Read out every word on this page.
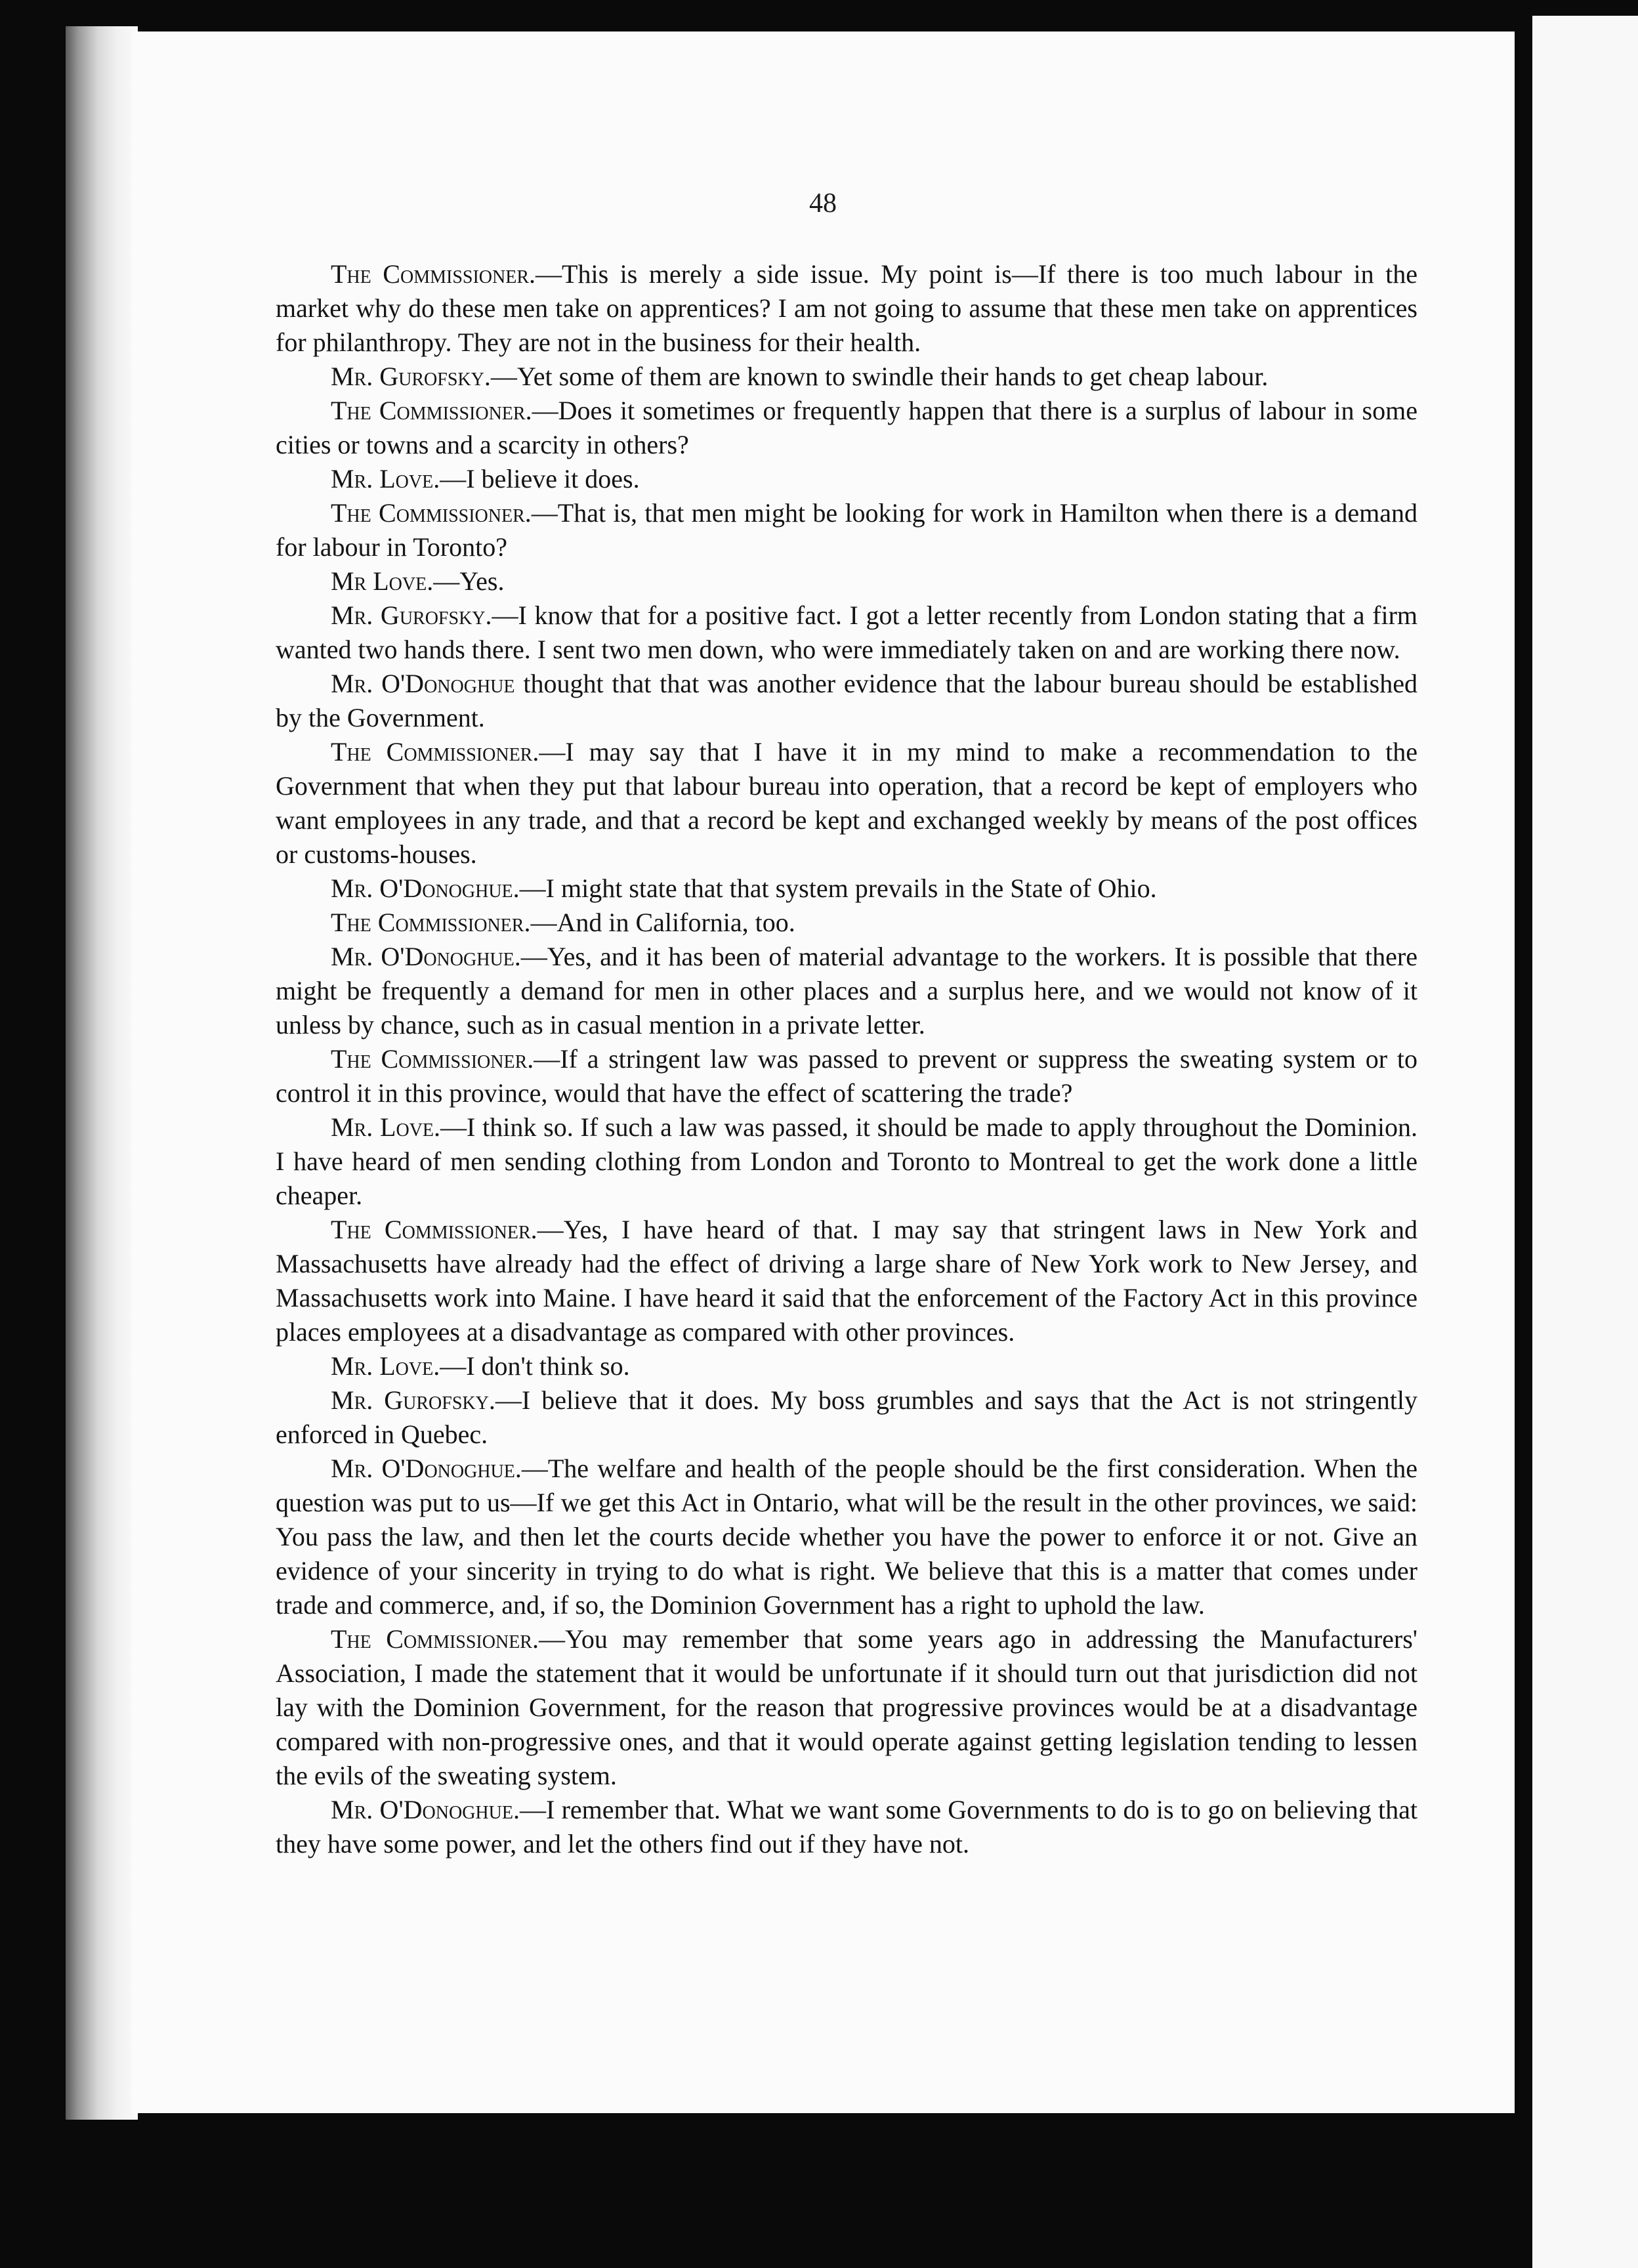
48

The Commissioner.—This is merely a side issue. My point is—If there is too much labour in the market why do these men take on apprentices? I am not going to assume that these men take on apprentices for philanthropy. They are not in the business for their health.

Mr. Gurofsky.—Yet some of them are known to swindle their hands to get cheap labour.

The Commissioner.—Does it sometimes or frequently happen that there is a surplus of labour in some cities or towns and a scarcity in others?

Mr. Love.—I believe it does.

The Commissioner.—That is, that men might be looking for work in Hamilton when there is a demand for labour in Toronto?

Mr Love.—Yes.

Mr. Gurofsky.—I know that for a positive fact. I got a letter recently from London stating that a firm wanted two hands there. I sent two men down, who were immediately taken on and are working there now.

Mr. O'Donoghue thought that that was another evidence that the labour bureau should be established by the Government.

The Commissioner.—I may say that I have it in my mind to make a recommendation to the Government that when they put that labour bureau into operation, that a record be kept of employers who want employees in any trade, and that a record be kept and exchanged weekly by means of the post offices or customs-houses.

Mr. O'Donoghue.—I might state that that system prevails in the State of Ohio.

The Commissioner.—And in California, too.

Mr. O'Donoghue.—Yes, and it has been of material advantage to the workers. It is possible that there might be frequently a demand for men in other places and a surplus here, and we would not know of it unless by chance, such as in casual mention in a private letter.

The Commissioner.—If a stringent law was passed to prevent or suppress the sweating system or to control it in this province, would that have the effect of scattering the trade?

Mr. Love.—I think so. If such a law was passed, it should be made to apply throughout the Dominion. I have heard of men sending clothing from London and Toronto to Montreal to get the work done a little cheaper.

The Commissioner.—Yes, I have heard of that. I may say that stringent laws in New York and Massachusetts have already had the effect of driving a large share of New York work to New Jersey, and Massachusetts work into Maine. I have heard it said that the enforcement of the Factory Act in this province places employees at a disadvantage as compared with other provinces.

Mr. Love.—I don't think so.

Mr. Gurofsky.—I believe that it does. My boss grumbles and says that the Act is not stringently enforced in Quebec.

Mr. O'Donoghue.—The welfare and health of the people should be the first consideration. When the question was put to us—If we get this Act in Ontario, what will be the result in the other provinces, we said: You pass the law, and then let the courts decide whether you have the power to enforce it or not. Give an evidence of your sincerity in trying to do what is right. We believe that this is a matter that comes under trade and commerce, and, if so, the Dominion Government has a right to uphold the law.

The Commissioner.—You may remember that some years ago in addressing the Manufacturers' Association, I made the statement that it would be unfortunate if it should turn out that jurisdiction did not lay with the Dominion Government, for the reason that progressive provinces would be at a disadvantage compared with non-progressive ones, and that it would operate against getting legislation tending to lessen the evils of the sweating system.

Mr. O'Donoghue.—I remember that. What we want some Governments to do is to go on believing that they have some power, and let the others find out if they have not.
